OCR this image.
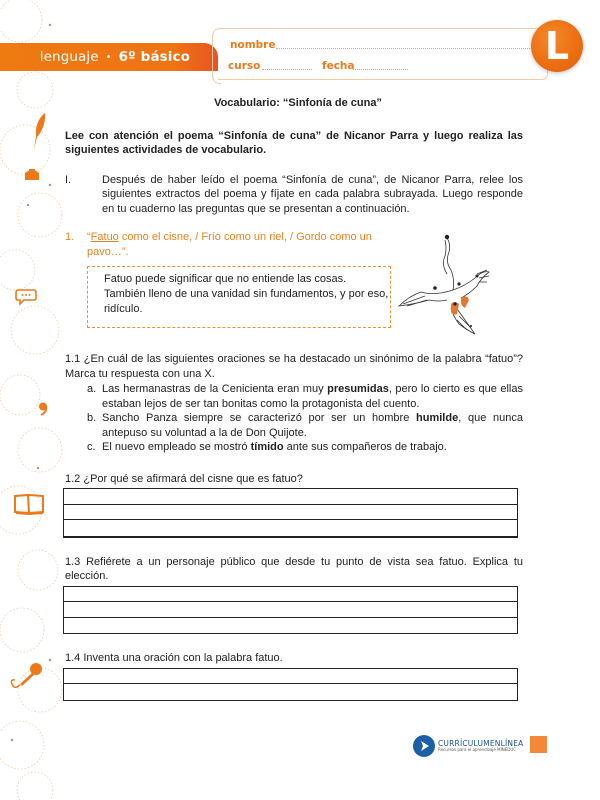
lenguaje • 6º básico
nombre
curso	fecha	L
Vocabulario: “Sinfonía de cuna”

Lee con atención el poema “Sinfonía de cuna” de Nicanor Parra y luego realiza las siguientes actividades de vocabulario.

I.	Después de haber leído el poema “Sinfonía de cuna”, de Nicanor Parra, relee los siguientes extractos del poema y fíjate en cada palabra subrayada. Luego responde en tu cuaderno las preguntas que se presentan a continuación.

1. “Fatuo como el cisne, / Frío como un riel, / Gordo como un pavo…”.

Fatuo puede significar que no entiende las cosas. También lleno de una vanidad sin fundamentos, y por eso, ridículo.

1.1 ¿En cuál de las siguientes oraciones se ha destacado un sinónimo de la palabra “fatuo”? Marca tu respuesta con una X.

a. Las hermanastras de la Cenicienta eran muy presumidas, pero lo cierto es que ellas estaban lejos de ser tan bonitas como la protagonista del cuento.
b. Sancho Panza siempre se caracterizó por ser un hombre humilde, que nunca antepuso su voluntad a la de Don Quijote.
c. El nuevo empleado se mostró tímido ante sus compañeros de trabajo.

1.2 ¿Por qué se afirmará del cisne que es fatuo?

1.3 Refiérete a un personaje público que desde tu punto de vista sea fatuo. Explica tu elección.

1.4 Inventa una oración con la palabra fatuo.

CURRÍCULUMENLÍNEA
Recursos para el aprendizaje MINEDUC
